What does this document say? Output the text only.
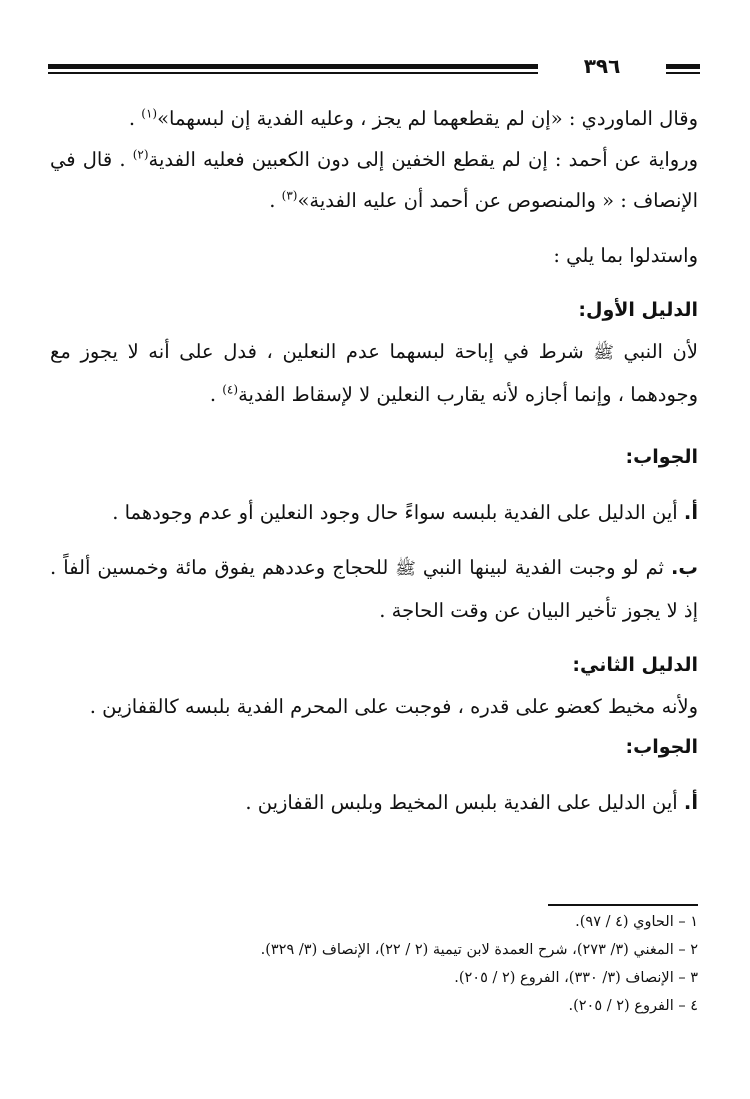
٣٩٦

وقال الماوردي : «إن لم يقطعهما لم يجز ، وعليه الفدية إن لبسهما»$^{(١)}$ .

ورواية عن أحمد : إن لم يقطع الخفين إلى دون الكعبين فعليه الفدية$^{(٢)}$ . قال في الإنصاف : « والمنصوص عن أحمد أن عليه الفدية»$^{(٣)}$ .

واستدلوا بما يلي :

الدليل الأول:

لأن النبي ﷺ شرط في إباحة لبسهما عدم النعلين ، فدل على أنه لا يجوز مع وجودهما ، وإنما أجازه لأنه يقارب النعلين لا لإسقاط الفدية$^{(٤)}$ .

الجواب:

أ. أين الدليل على الفدية بلبسه سواءً حال وجود النعلين أو عدم وجودهما .

ب. ثم لو وجبت الفدية لبينها النبي ﷺ للحجاج وعددهم يفوق مائة وخمسين ألفاً . إذ لا يجوز تأخير البيان عن وقت الحاجة .

الدليل الثاني:

ولأنه مخيط كعضو على قدره ، فوجبت على المحرم الفدية بلبسه كالقفازين .

الجواب:

أ. أين الدليل على الفدية بلبس المخيط وبلبس القفازين .

١ – الحاوي (٤ / ٩٧).
٢ – المغني (٣/ ٢٧٣)، شرح العمدة لابن تيمية (٢ / ٢٢)، الإنصاف (٣/ ٣٢٩).
٣ – الإنصاف (٣/ ٣٣٠)، الفروع (٢ / ٢٠٥).
٤ – الفروع (٢ / ٢٠٥).
